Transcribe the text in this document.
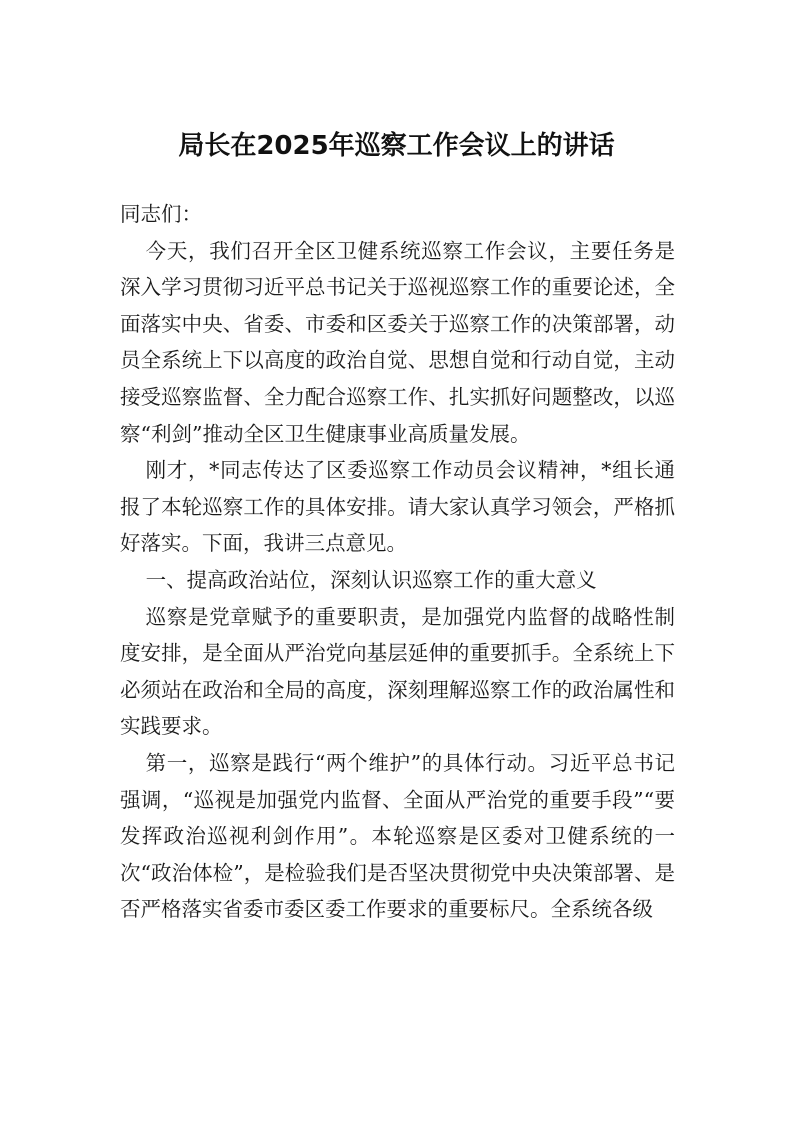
局长在2025年巡察工作会议上的讲话

同志们：

今天，我们召开全区卫健系统巡察工作会议，主要任务是深入学习贯彻习近平总书记关于巡视巡察工作的重要论述，全面落实中央、省委、市委和区委关于巡察工作的决策部署，动员全系统上下以高度的政治自觉、思想自觉和行动自觉，主动接受巡察监督、全力配合巡察工作、扎实抓好问题整改，以巡察“利剑”推动全区卫生健康事业高质量发展。

刚才，*同志传达了区委巡察工作动员会议精神，*组长通报了本轮巡察工作的具体安排。请大家认真学习领会，严格抓好落实。下面，我讲三点意见。

一、提高政治站位，深刻认识巡察工作的重大意义

巡察是党章赋予的重要职责，是加强党内监督的战略性制度安排，是全面从严治党向基层延伸的重要抓手。全系统上下必须站在政治和全局的高度，深刻理解巡察工作的政治属性和实践要求。

第一，巡察是践行“两个维护”的具体行动。习近平总书记强调，“巡视是加强党内监督、全面从严治党的重要手段”“要发挥政治巡视利剑作用”。本轮巡察是区委对卫健系统的一次“政治体检”，是检验我们是否坚决贯彻党中央决策部署、是否严格落实省委市委区委工作要求的重要标尺。全系统各级
